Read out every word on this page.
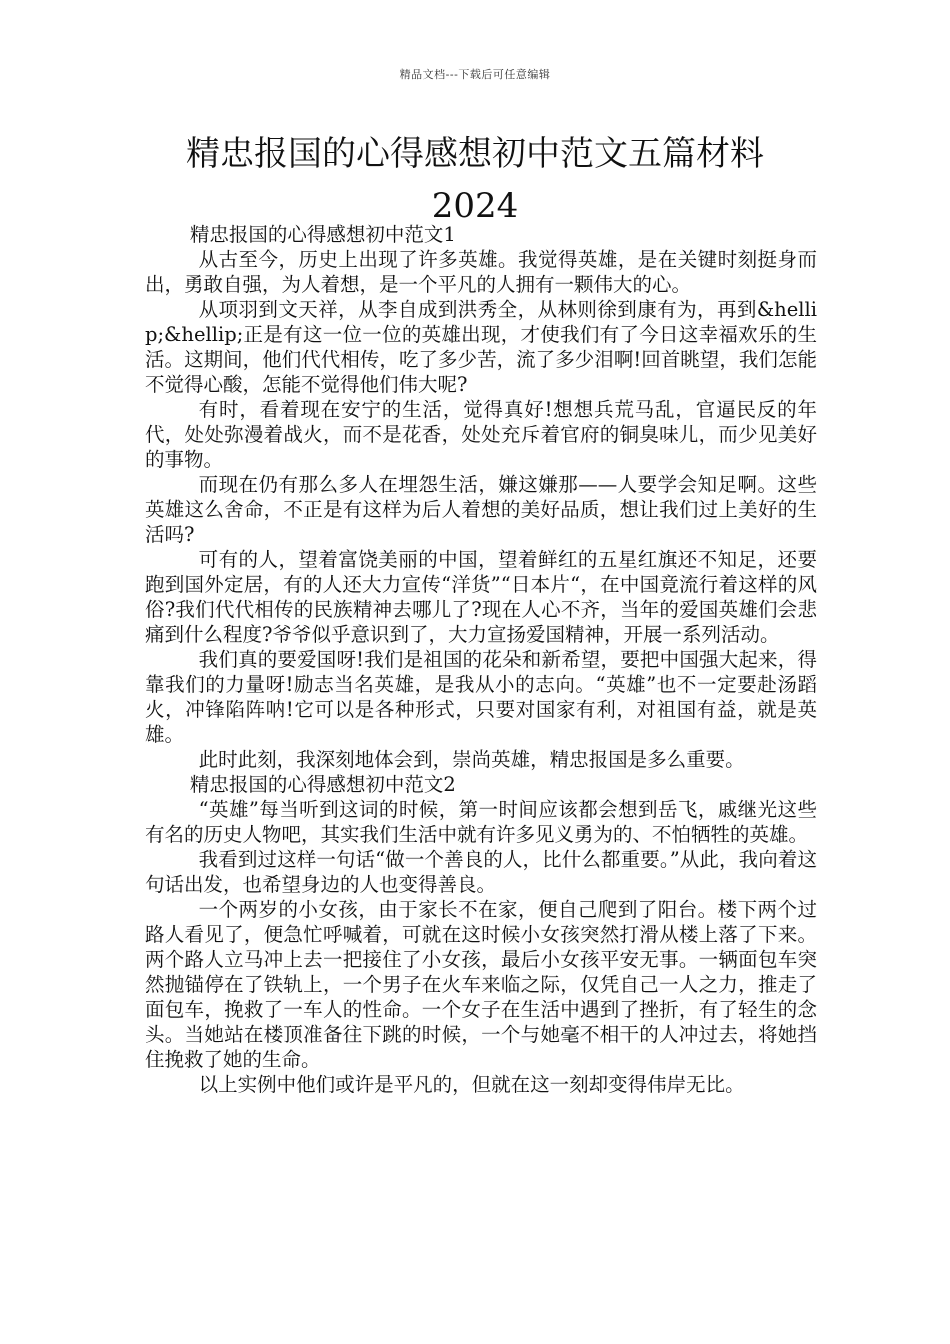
精品文档---下载后可任意编辑
精忠报国的心得感想初中范文五篇材料2024

精忠报国的心得感想初中范文1

从古至今，历史上出现了许多英雄。我觉得英雄，是在关键时刻挺身而出，勇敢自强，为人着想，是一个平凡的人拥有一颗伟大的心。

从项羽到文天祥，从李自成到洪秀全，从林则徐到康有为，再到&hellip;&hellip;正是有这一位一位的英雄出现，才使我们有了今日这幸福欢乐的生活。这期间，他们代代相传，吃了多少苦，流了多少泪啊!回首眺望，我们怎能不觉得心酸，怎能不觉得他们伟大呢?

有时，看着现在安宁的生活，觉得真好!想想兵荒马乱，官逼民反的年代，处处弥漫着战火，而不是花香，处处充斥着官府的铜臭味儿，而少见美好的事物。

而现在仍有那么多人在埋怨生活，嫌这嫌那——人要学会知足啊。这些英雄这么舍命，不正是有这样为后人着想的美好品质，想让我们过上美好的生活吗?

可有的人，望着富饶美丽的中国，望着鲜红的五星红旗还不知足，还要跑到国外定居，有的人还大力宣传“洋货”“日本片“，在中国竟流行着这样的风俗?我们代代相传的民族精神去哪儿了?现在人心不齐，当年的爱国英雄们会悲痛到什么程度?爷爷似乎意识到了，大力宣扬爱国精神，开展一系列活动。

我们真的要爱国呀!我们是祖国的花朵和新希望，要把中国强大起来，得靠我们的力量呀!励志当名英雄，是我从小的志向。“英雄”也不一定要赴汤蹈火，冲锋陷阵呐!它可以是各种形式，只要对国家有利，对祖国有益，就是英雄。

此时此刻，我深刻地体会到，崇尚英雄，精忠报国是多么重要。

精忠报国的心得感想初中范文2

“英雄”每当听到这词的时候，第一时间应该都会想到岳飞，戚继光这些有名的历史人物吧，其实我们生活中就有许多见义勇为的、不怕牺牲的英雄。

我看到过这样一句话“做一个善良的人，比什么都重要。”从此，我向着这句话出发，也希望身边的人也变得善良。

一个两岁的小女孩，由于家长不在家，便自己爬到了阳台。楼下两个过路人看见了，便急忙呼喊着，可就在这时候小女孩突然打滑从楼上落了下来。两个路人立马冲上去一把接住了小女孩，最后小女孩平安无事。一辆面包车突然抛锚停在了铁轨上，一个男子在火车来临之际，仅凭自己一人之力，推走了面包车，挽救了一车人的性命。一个女子在生活中遇到了挫折，有了轻生的念头。当她站在楼顶准备往下跳的时候，一个与她毫不相干的人冲过去，将她挡住挽救了她的生命。

以上实例中他们或许是平凡的，但就在这一刻却变得伟岸无比。
